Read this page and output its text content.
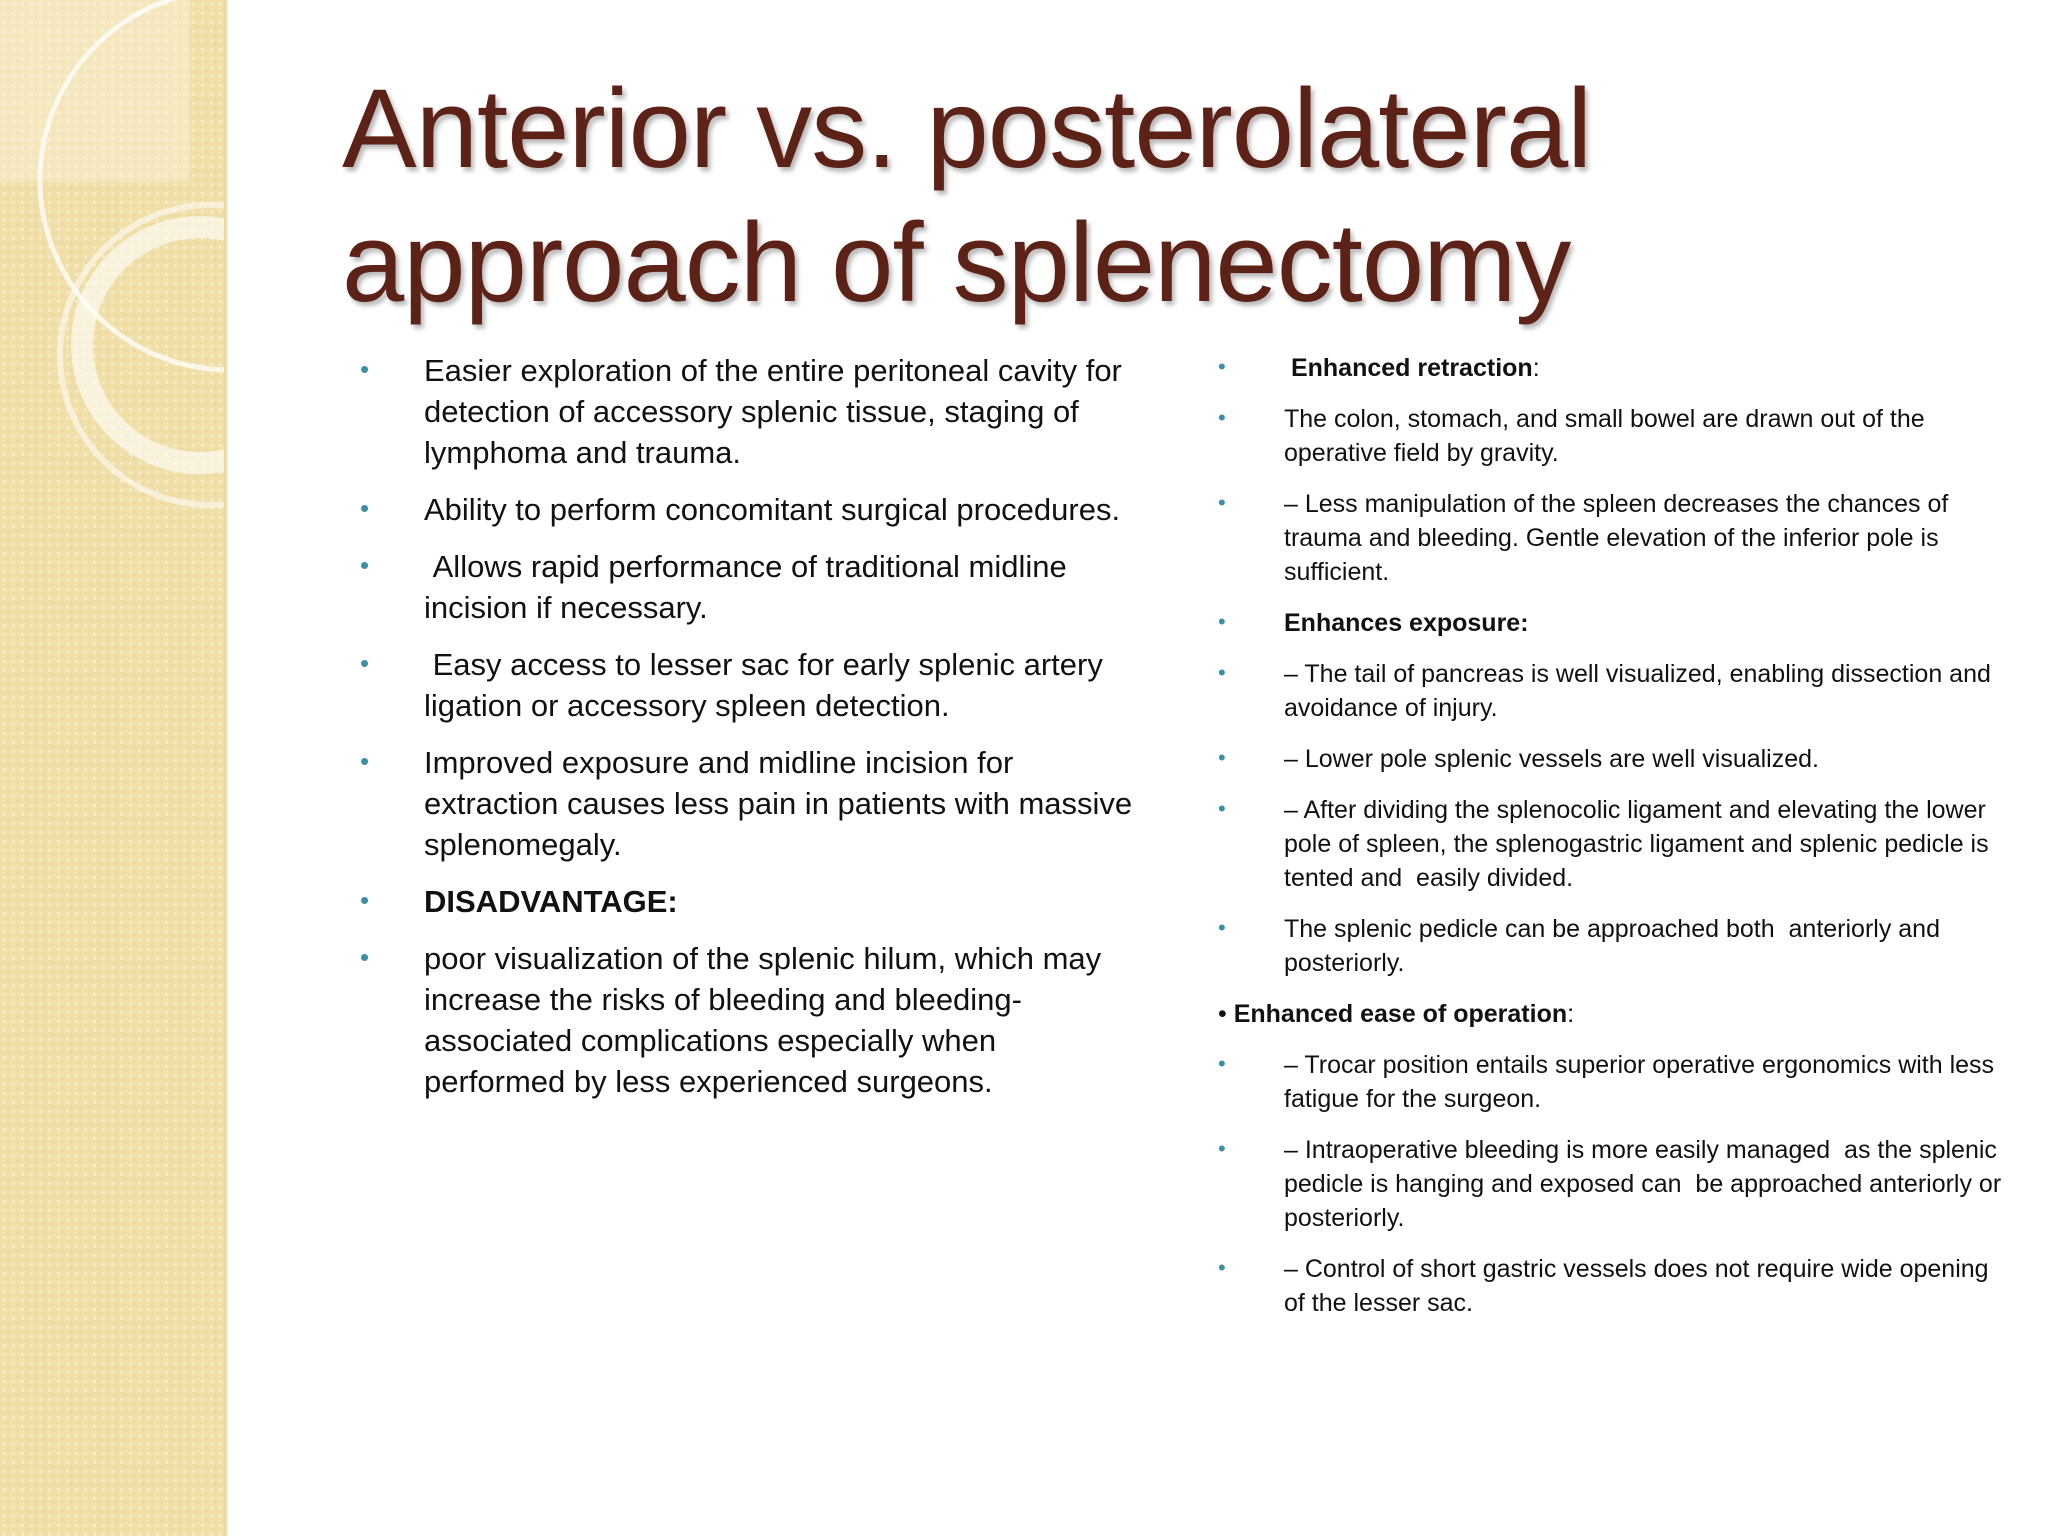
Anterior vs. posterolateral
approach of splenectomy
• Easier exploration of the entire peritoneal cavity for detection of accessory splenic tissue, staging of lymphoma and trauma.
• Ability to perform concomitant surgical procedures.
• Allows rapid performance of traditional midline incision if necessary.
• Easy access to lesser sac for early splenic artery ligation or accessory spleen detection.
• Improved exposure and midline incision for extraction causes less pain in patients with massive splenomegaly.
• DISADVANTAGE:
• poor visualization of the splenic hilum, which may increase the risks of bleeding and bleeding-associated complications especially when performed by less experienced surgeons.
• Enhanced retraction:
• The colon, stomach, and small bowel are drawn out of the operative field by gravity.
• – Less manipulation of the spleen decreases the chances of trauma and bleeding. Gentle elevation of the inferior pole is sufficient.
• Enhances exposure:
• – The tail of pancreas is well visualized, enabling dissection and avoidance of injury.
• – Lower pole splenic vessels are well visualized.
• – After dividing the splenocolic ligament and elevating the lower pole of spleen, the splenogastric ligament and splenic pedicle is tented and  easily divided.
• The splenic pedicle can be approached both  anteriorly and posteriorly.
• Enhanced ease of operation:
• – Trocar position entails superior operative ergonomics with less fatigue for the surgeon.
• – Intraoperative bleeding is more easily managed  as the splenic pedicle is hanging and exposed can  be approached anteriorly or posteriorly.
• – Control of short gastric vessels does not require wide opening of the lesser sac.
